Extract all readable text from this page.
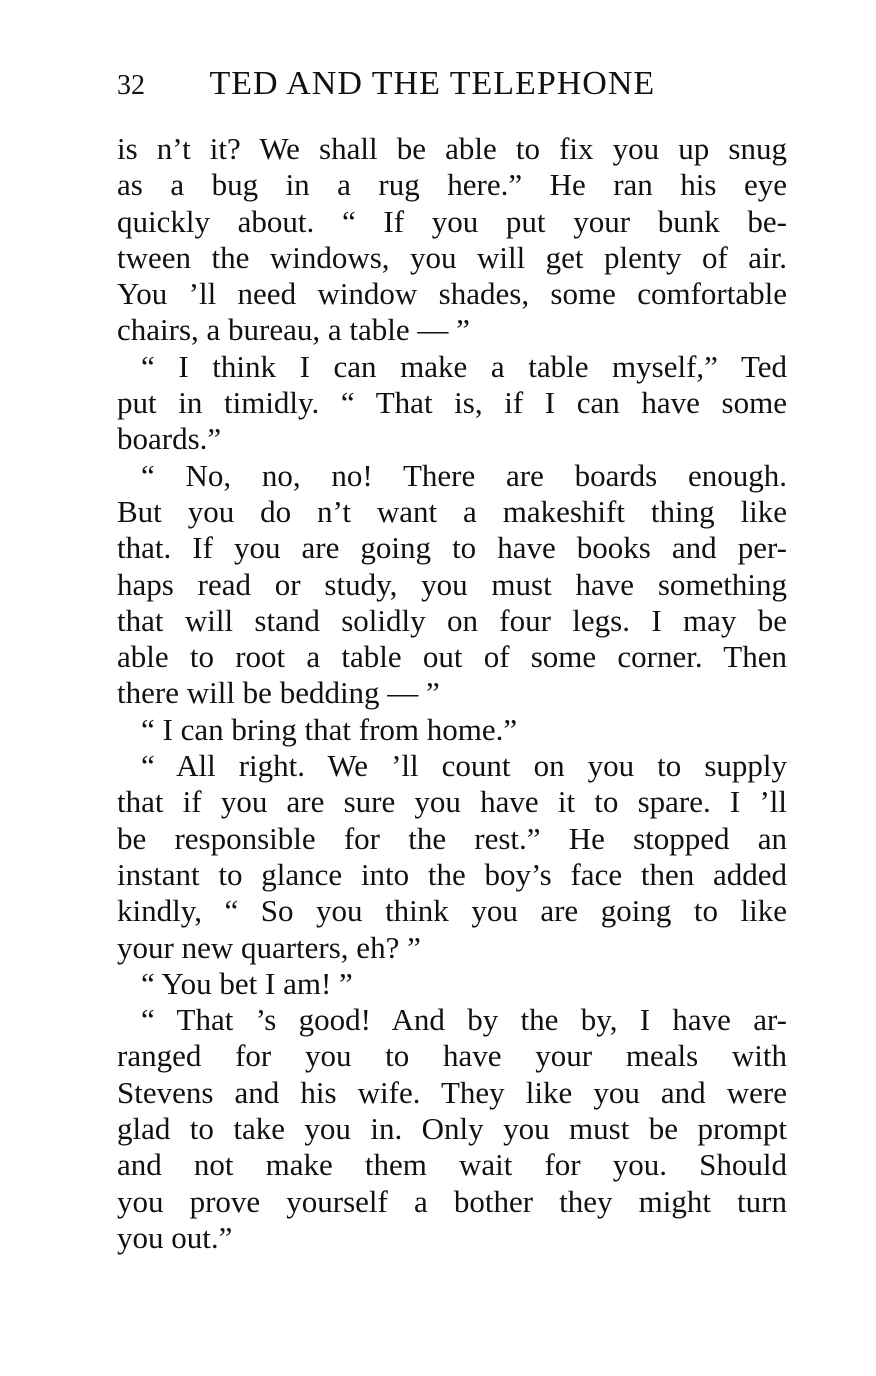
32 TED AND THE TELEPHONE
is n’t it? We shall be able to fix you up snug
as a bug in a rug here.” He ran his eye
quickly about. “ If you put your bunk be-
tween the windows, you will get plenty of air.
You ’ll need window shades, some comfortable
chairs, a bureau, a table — ”
“ I think I can make a table myself,” Ted
put in timidly. “ That is, if I can have some
boards.”
“ No, no, no! There are boards enough.
But you do n’t want a makeshift thing like
that. If you are going to have books and per-
haps read or study, you must have something
that will stand solidly on four legs. I may be
able to root a table out of some corner. Then
there will be bedding — ”
“ I can bring that from home.”
“ All right. We ’ll count on you to supply
that if you are sure you have it to spare. I ’ll
be responsible for the rest.” He stopped an
instant to glance into the boy’s face then added
kindly, “ So you think you are going to like
your new quarters, eh? ”
“ You bet I am! ”
“ That ’s good! And by the by, I have ar-
ranged for you to have your meals with
Stevens and his wife. They like you and were
glad to take you in. Only you must be prompt
and not make them wait for you. Should
you prove yourself a bother they might turn
you out.”
